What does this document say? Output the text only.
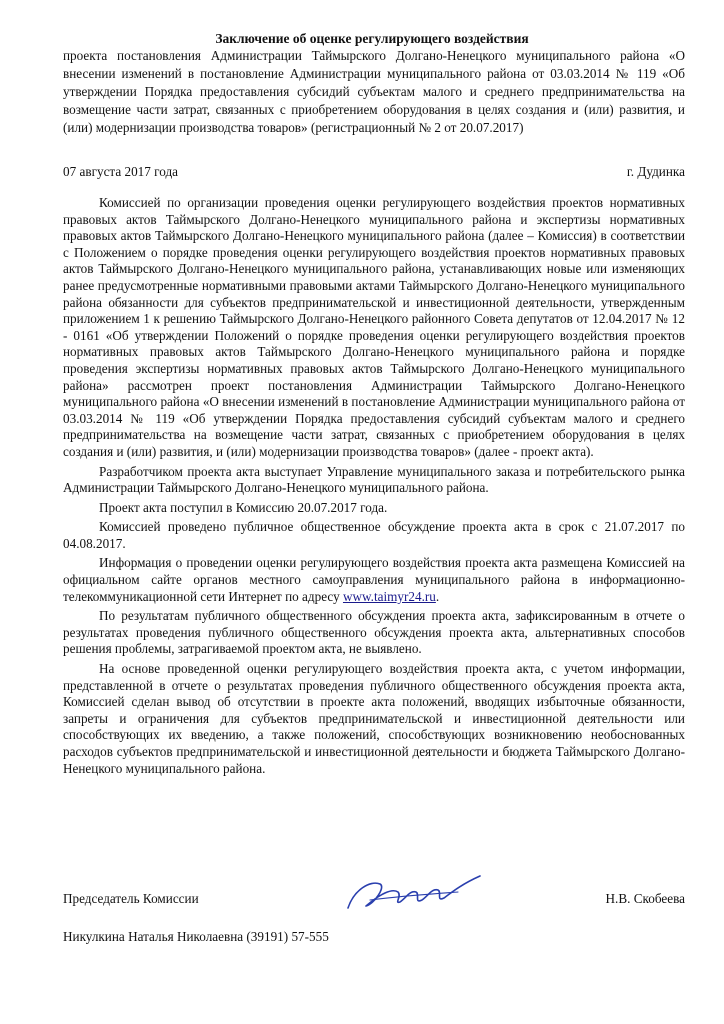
Заключение об оценке регулирующего воздействия
проекта постановления Администрации Таймырского Долгано-Ненецкого муниципального района «О внесении изменений в постановление Администрации муниципального района от 03.03.2014 № 119 «Об утверждении Порядка предоставления субсидий субъектам малого и среднего предпринимательства на возмещение части затрат, связанных с приобретением оборудования в целях создания и (или) развития, и (или) модернизации производства товаров» (регистрационный № 2 от 20.07.2017)
07 августа 2017 года	г. Дудинка

Комиссией по организации проведения оценки регулирующего воздействия проектов нормативных правовых актов Таймырского Долгано-Ненецкого муниципального района и экспертизы нормативных правовых актов Таймырского Долгано-Ненецкого муниципального района (далее – Комиссия) в соответствии с Положением о порядке проведения оценки регулирующего воздействия проектов нормативных правовых актов Таймырского Долгано-Ненецкого муниципального района, устанавливающих новые или изменяющих ранее предусмотренные нормативными правовыми актами Таймырского Долгано-Ненецкого муниципального района обязанности для субъектов предпринимательской и инвестиционной деятельности, утвержденным приложением 1 к решению Таймырского Долгано-Ненецкого районного Совета депутатов от 12.04.2017 № 12 - 0161 «Об утверждении Положений о порядке проведения оценки регулирующего воздействия проектов нормативных правовых актов Таймырского Долгано-Ненецкого муниципального района и порядке проведения экспертизы нормативных правовых актов Таймырского Долгано-Ненецкого муниципального района» рассмотрен проект постановления Администрации Таймырского Долгано-Ненецкого муниципального района «О внесении изменений в постановление Администрации муниципального района от 03.03.2014 № 119 «Об утверждении Порядка предоставления субсидий субъектам малого и среднего предпринимательства на возмещение части затрат, связанных с приобретением оборудования в целях создания и (или) развития, и (или) модернизации производства товаров» (далее - проект акта).

Разработчиком проекта акта выступает Управление муниципального заказа и потребительского рынка Администрации Таймырского Долгано-Ненецкого муниципального района.

Проект акта поступил в Комиссию 20.07.2017 года.

Комиссией проведено публичное общественное обсуждение проекта акта в срок с 21.07.2017 по 04.08.2017.

Информация о проведении оценки регулирующего воздействия проекта акта размещена Комиссией на официальном сайте органов местного самоуправления муниципального района в информационно-телекоммуникационной сети Интернет по адресу www.taimyr24.ru.

По результатам публичного общественного обсуждения проекта акта, зафиксированным в отчете о результатах проведения публичного общественного обсуждения проекта акта, альтернативных способов решения проблемы, затрагиваемой проектом акта, не выявлено.

На основе проведенной оценки регулирующего воздействия проекта акта, с учетом информации, представленной в отчете о результатах проведения публичного общественного обсуждения проекта акта, Комиссией сделан вывод об отсутствии в проекте акта положений, вводящих избыточные обязанности, запреты и ограничения для субъектов предпринимательской и инвестиционной деятельности или способствующих их введению, а также положений, способствующих возникновению необоснованных расходов субъектов предпринимательской и инвестиционной деятельности и бюджета Таймырского Долгано-Ненецкого муниципального района.

Председатель Комиссии	Н.В. Скобеева
Никулкина Наталья Николаевна (39191) 57-555
